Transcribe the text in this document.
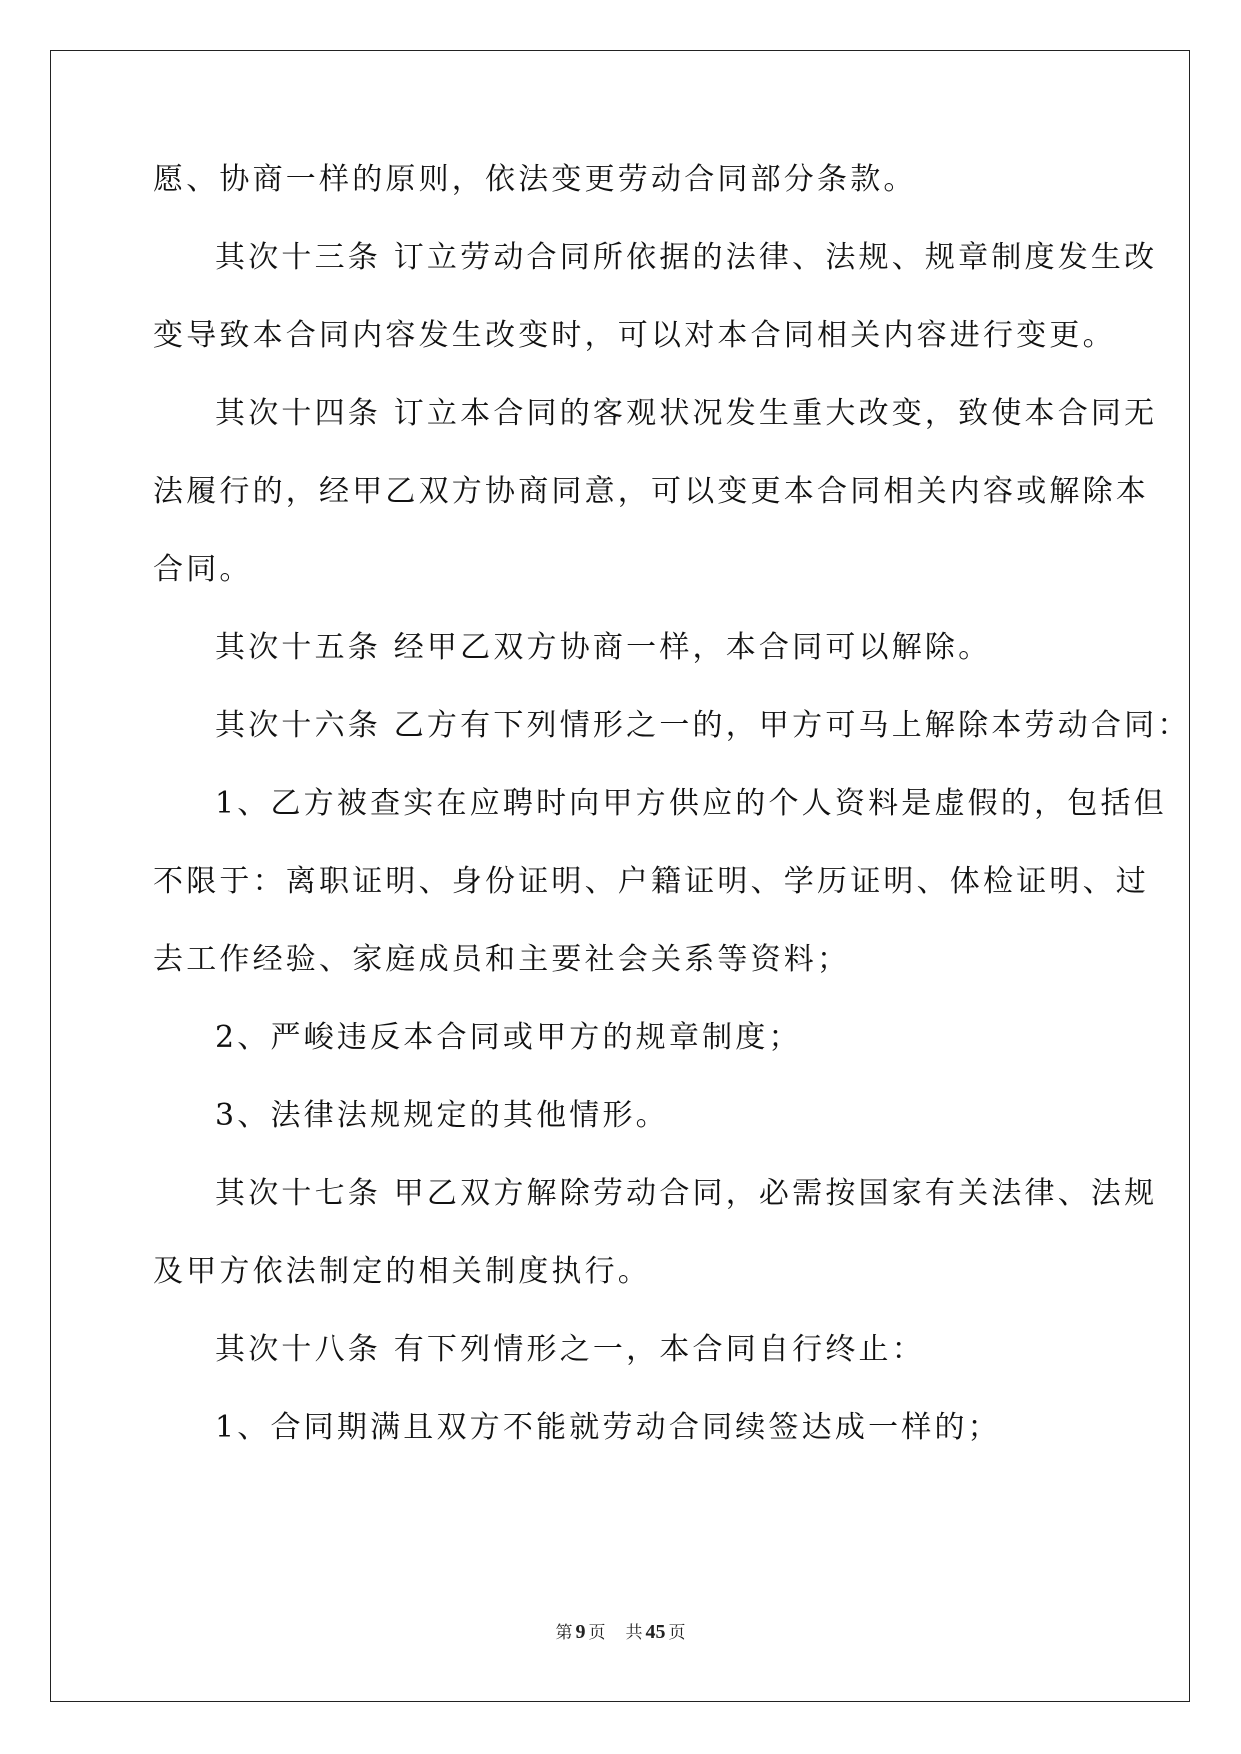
愿、协商一样的原则，依法变更劳动合同部分条款。
其次十三条 订立劳动合同所依据的法律、法规、规章制度发生改
变导致本合同内容发生改变时，可以对本合同相关内容进行变更。
其次十四条 订立本合同的客观状况发生重大改变，致使本合同无
法履行的，经甲乙双方协商同意，可以变更本合同相关内容或解除本
合同。
其次十五条 经甲乙双方协商一样，本合同可以解除。
其次十六条 乙方有下列情形之一的，甲方可马上解除本劳动合同：
1、乙方被查实在应聘时向甲方供应的个人资料是虚假的，包括但
不限于：离职证明、身份证明、户籍证明、学历证明、体检证明、过
去工作经验、家庭成员和主要社会关系等资料；
2、严峻违反本合同或甲方的规章制度；
3、法律法规规定的其他情形。
其次十七条 甲乙双方解除劳动合同，必需按国家有关法律、法规
及甲方依法制定的相关制度执行。
其次十八条 有下列情形之一，本合同自行终止：
1、合同期满且双方不能就劳动合同续签达成一样的；
第 9 页 共 45 页
